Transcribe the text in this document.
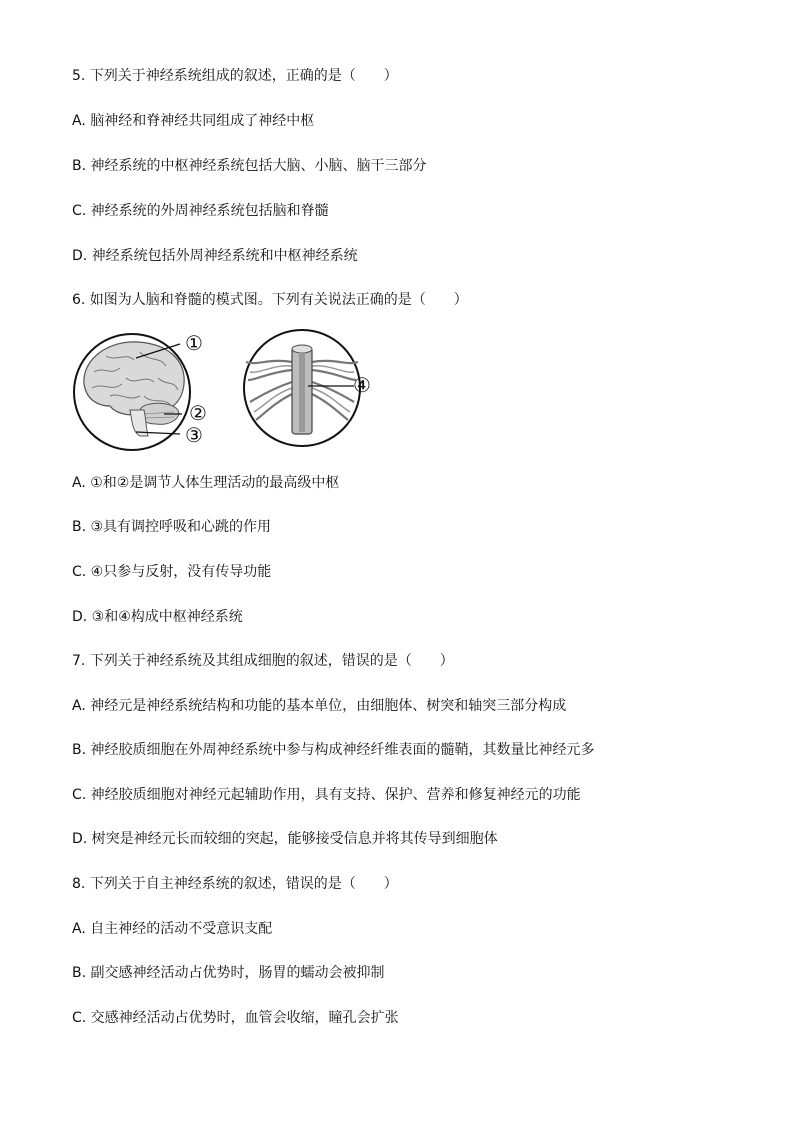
5. 下列关于神经系统组成的叙述，正确的是（　　）
A. 脑神经和脊神经共同组成了神经中枢
B. 神经系统的中枢神经系统包括大脑、小脑、脑干三部分
C. 神经系统的外周神经系统包括脑和脊髓
D. 神经系统包括外周神经系统和中枢神经系统
6. 如图为人脑和脊髓的模式图。下列有关说法正确的是（　　）
①
②
③
④
A. ①和②是调节人体生理活动的最高级中枢
B. ③具有调控呼吸和心跳的作用
C. ④只参与反射，没有传导功能
D. ③和④构成中枢神经系统
7. 下列关于神经系统及其组成细胞的叙述，错误的是（　　）
A. 神经元是神经系统结构和功能的基本单位，由细胞体、树突和轴突三部分构成
B. 神经胶质细胞在外周神经系统中参与构成神经纤维表面的髓鞘，其数量比神经元多
C. 神经胶质细胞对神经元起辅助作用，具有支持、保护、营养和修复神经元的功能
D. 树突是神经元长而较细的突起，能够接受信息并将其传导到细胞体
8. 下列关于自主神经系统的叙述，错误的是（　　）
A. 自主神经的活动不受意识支配
B. 副交感神经活动占优势时，肠胃的蠕动会被抑制
C. 交感神经活动占优势时，血管会收缩，瞳孔会扩张
